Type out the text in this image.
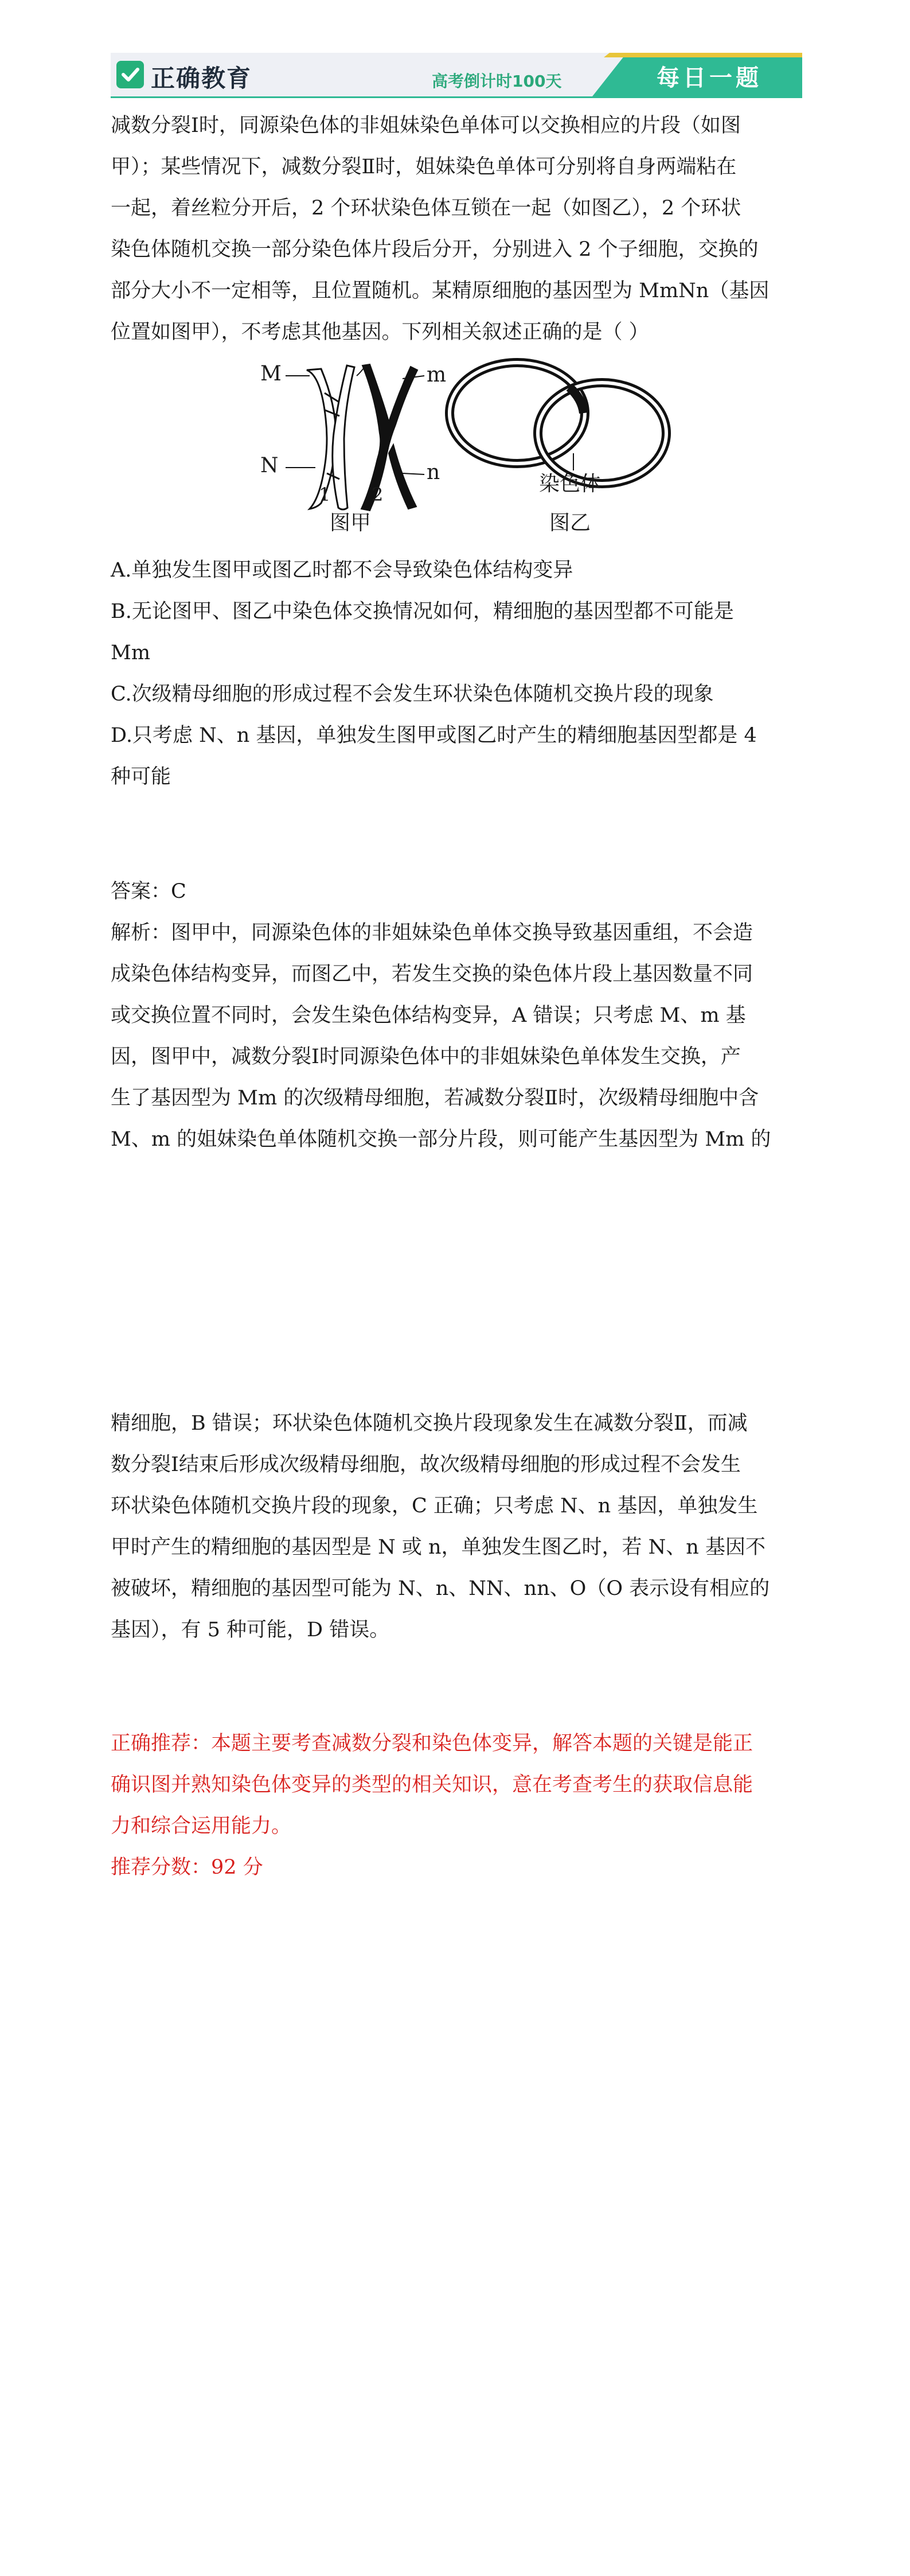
正确教育	高考倒计时100天	每日一题
减数分裂Ⅰ时，同源染色体的非姐妹染色单体可以交换相应的片段（如图
甲）；某些情况下，减数分裂Ⅱ时，姐妹染色单体可分别将自身两端粘在
一起，着丝粒分开后，2 个环状染色体互锁在一起（如图乙），2 个环状
染色体随机交换一部分染色体片段后分开，分别进入 2 个子细胞，交换的
部分大小不一定相等，且位置随机。某精原细胞的基因型为 MmNn（基因
位置如图甲），不考虑其他基因。下列相关叙述正确的是（ ）
M
N
m
n
1 2	染色体
图甲	图乙
A.单独发生图甲或图乙时都不会导致染色体结构变异
B.无论图甲、图乙中染色体交换情况如何，精细胞的基因型都不可能是
Mm
C.次级精母细胞的形成过程不会发生环状染色体随机交换片段的现象
D.只考虑 N、n 基因，单独发生图甲或图乙时产生的精细胞基因型都是 4
种可能
答案：C
解析：图甲中，同源染色体的非姐妹染色单体交换导致基因重组，不会造
成染色体结构变异，而图乙中，若发生交换的染色体片段上基因数量不同
或交换位置不同时，会发生染色体结构变异，A 错误；只考虑 M、m 基
因，图甲中，减数分裂Ⅰ时同源染色体中的非姐妹染色单体发生交换，产
生了基因型为 Mm 的次级精母细胞，若减数分裂Ⅱ时，次级精母细胞中含
M、m 的姐妹染色单体随机交换一部分片段，则可能产生基因型为 Mm 的
精细胞，B 错误；环状染色体随机交换片段现象发生在减数分裂Ⅱ，而减
数分裂Ⅰ结束后形成次级精母细胞，故次级精母细胞的形成过程不会发生
环状染色体随机交换片段的现象，C 正确；只考虑 N、n 基因，单独发生
甲时产生的精细胞的基因型是 N 或 n，单独发生图乙时，若 N、n 基因不
被破坏，精细胞的基因型可能为 N、n、NN、nn、O（O 表示设有相应的
基因），有 5 种可能，D 错误。
正确推荐：本题主要考查减数分裂和染色体变异，解答本题的关键是能正
确识图并熟知染色体变异的类型的相关知识，意在考查考生的获取信息能
力和综合运用能力。
推荐分数：92 分
